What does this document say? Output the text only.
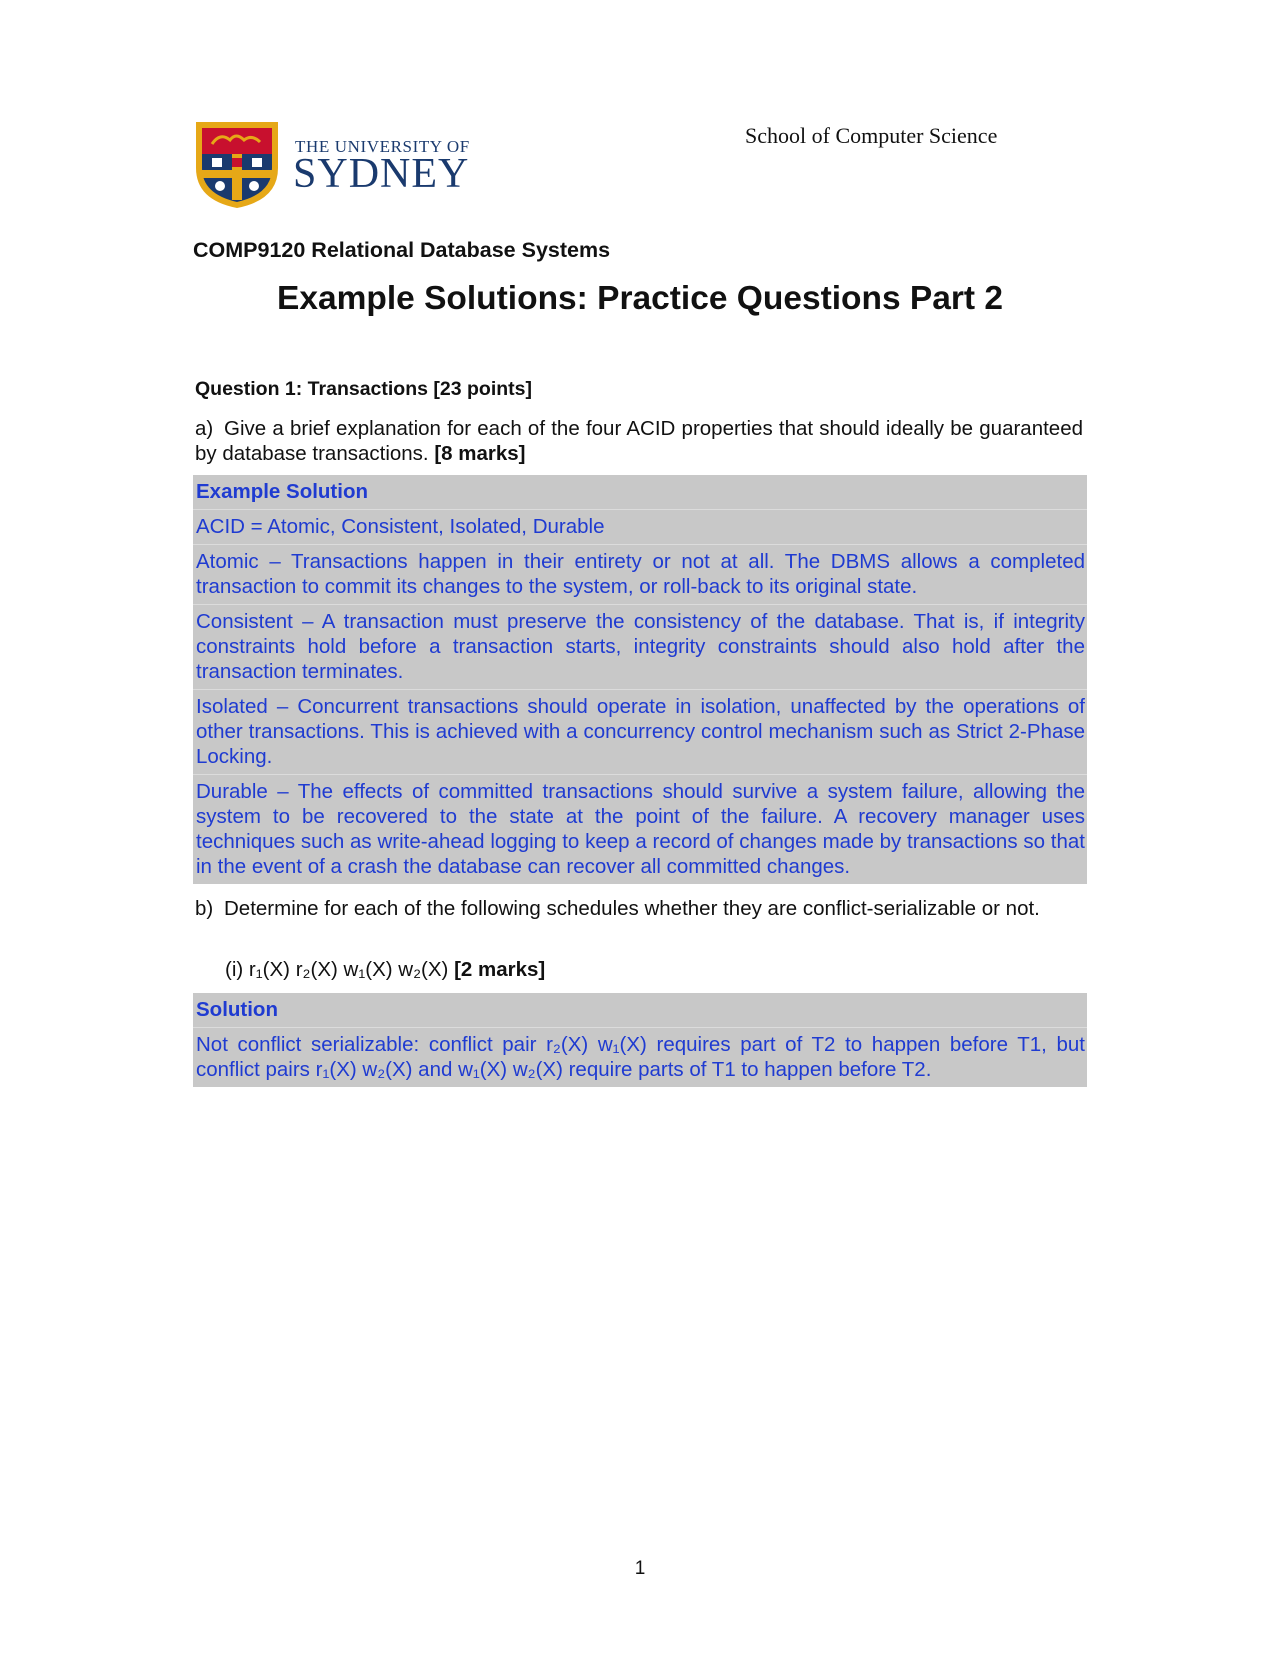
THE UNIVERSITY OF
SYDNEY
School of Computer Science
COMP9120 Relational Database Systems
Example Solutions: Practice Questions Part 2
Question 1: Transactions [23 points]
a) Give a brief explanation for each of the four ACID properties that should ideally be guaranteed by database transactions. [8 marks]
Example Solution
ACID = Atomic, Consistent, Isolated, Durable
Atomic – Transactions happen in their entirety or not at all. The DBMS allows a completed transaction to commit its changes to the system, or roll-back to its original state.
Consistent – A transaction must preserve the consistency of the database. That is, if integrity constraints hold before a transaction starts, integrity constraints should also hold after the transaction terminates.
Isolated – Concurrent transactions should operate in isolation, unaffected by the operations of other transactions. This is achieved with a concurrency control mechanism such as Strict 2-Phase Locking.
Durable – The effects of committed transactions should survive a system failure, allowing the system to be recovered to the state at the point of the failure. A recovery manager uses techniques such as write-ahead logging to keep a record of changes made by transactions so that in the event of a crash the database can recover all committed changes.
b) Determine for each of the following schedules whether they are conflict-serializable or not.
(i) r₁(X) r₂(X) w₁(X) w₂(X) [2 marks]
Solution
Not conflict serializable: conflict pair r₂(X) w₁(X) requires part of T2 to happen before T1, but conflict pairs r₁(X) w₂(X) and w₁(X) w₂(X) require parts of T1 to happen before T2.
1
